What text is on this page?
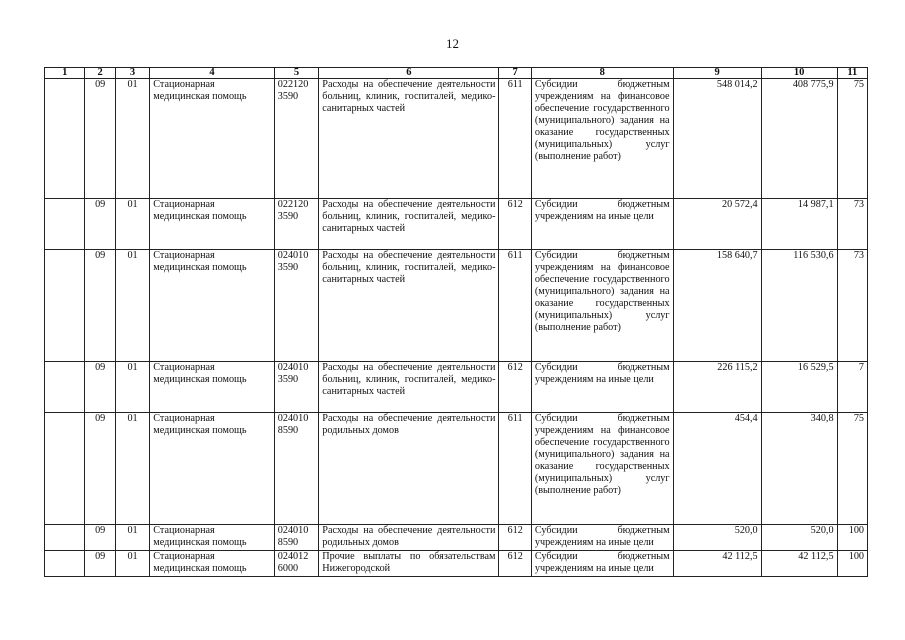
12
1	2	3	4	5	6	7	8	9	10	11
	09	01	Стационарная медицинская помощь	022120 3590	Расходы на обеспечение деятельности больниц, клиник, госпиталей, медико-санитарных частей	611	Субсидии бюджетным учреждениям на финансовое обеспечение государственного (муниципального) задания на оказание государственных (муниципальных) услуг (выполнение работ)	548 014,2	408 775,9	75
	09	01	Стационарная медицинская помощь	022120 3590	Расходы на обеспечение деятельности больниц, клиник, госпиталей, медико-санитарных частей	612	Субсидии бюджетным учреждениям на иные цели	20 572,4	14 987,1	73
	09	01	Стационарная медицинская помощь	024010 3590	Расходы на обеспечение деятельности больниц, клиник, госпиталей, медико-санитарных частей	611	Субсидии бюджетным учреждениям на финансовое обеспечение государственного (муниципального) задания на оказание государственных (муниципальных) услуг (выполнение работ)	158 640,7	116 530,6	73
	09	01	Стационарная медицинская помощь	024010 3590	Расходы на обеспечение деятельности больниц, клиник, госпиталей, медико-санитарных частей	612	Субсидии бюджетным учреждениям на иные цели	226 115,2	16 529,5	7
	09	01	Стационарная медицинская помощь	024010 8590	Расходы на обеспечение деятельности родильных домов	611	Субсидии бюджетным учреждениям на финансовое обеспечение государственного (муниципального) задания на оказание государственных (муниципальных) услуг (выполнение работ)	454,4	340,8	75
	09	01	Стационарная медицинская помощь	024010 8590	Расходы на обеспечение деятельности родильных домов	612	Субсидии бюджетным учреждениям на иные цели	520,0	520,0	100
	09	01	Стационарная медицинская помощь	024012 6000	Прочие выплаты по обязательствам Нижегородской	612	Субсидии бюджетным учреждениям на иные цели	42 112,5	42 112,5	100
